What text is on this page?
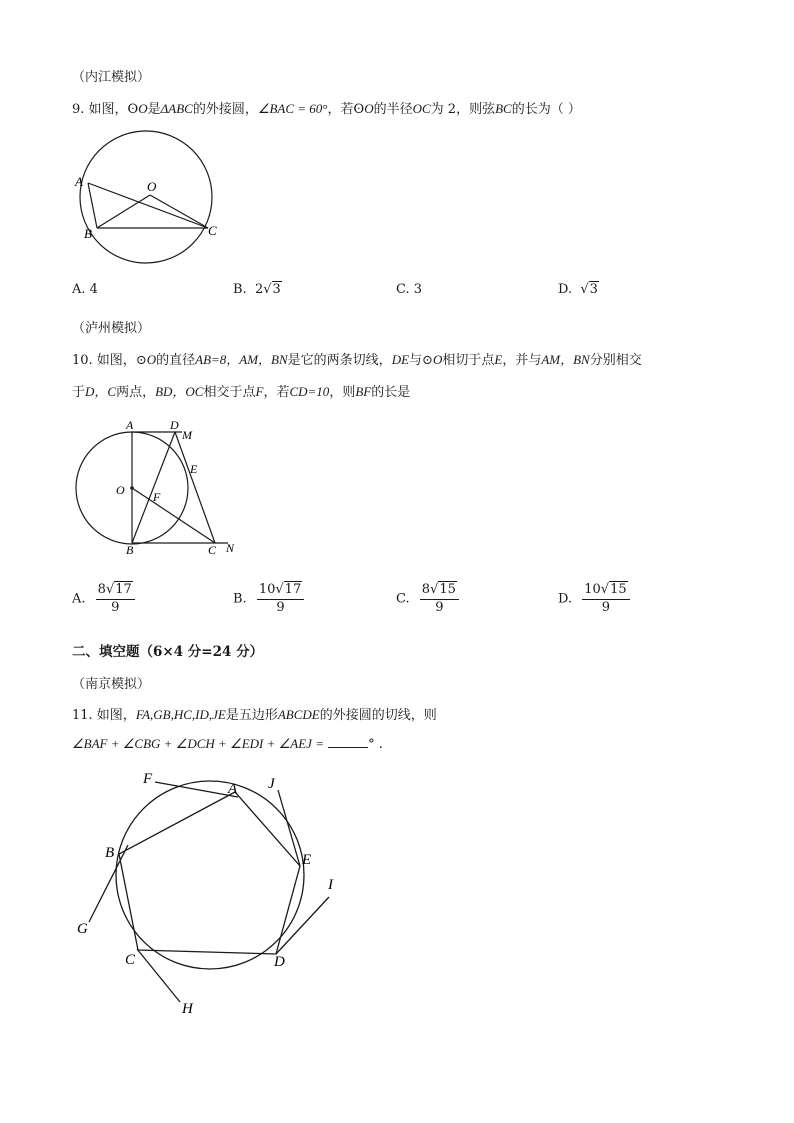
（内江模拟）
9. 如图，ʘO是ΔABC的外接圆，∠BAC = 60°，若ʘO的半径OC为 2，则弦BC的长为（ ）
A
B	C
O
A. 4	B. 2√3	C. 3	D.  √3
（泸州模拟）
10. 如图，⊙O的直径AB=8，AM，BN是它的两条切线，DE与⊙O相切于点E，并与AM，BN分别相交
于D，C两点，BD，OC相交于点F，若CD=10，则BF的长是
A	D
M
E
O F
B	C N
A. $\frac{8√17}{9}$	B. $\frac{10√17}{9}$	C. $\frac{8√15}{9}$	D. $\frac{10√15}{9}$
二、填空题（6×4 分=24 分）
（南京模拟）
11. 如图，FA,GB,HC,ID,JE是五边形ABCDE的外接圆的切线，则
∠BAF + ∠CBG + ∠DCH + ∠EDI + ∠AEJ =	° .
A
B
C	D
E
F
G
H
I
J
